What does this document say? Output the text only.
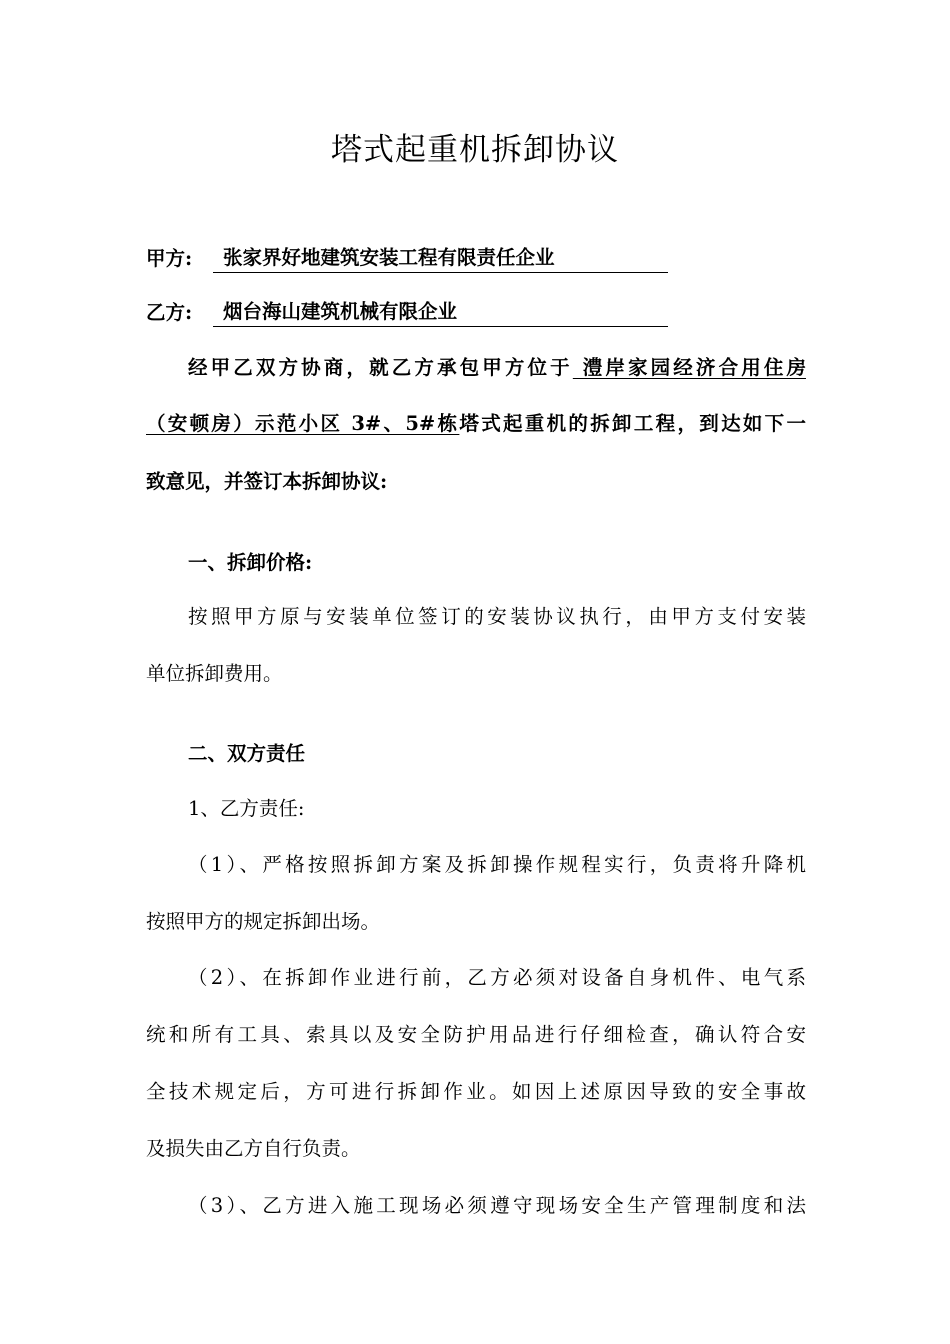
塔式起重机拆卸协议
甲方:	张家界好地建筑安装工程有限责任企业
乙方:	烟台海山建筑机械有限企业
经甲乙双方协商，就乙方承包甲方位于 澧岸家园经济合用住房
（安顿房）示范小区 3#、5#栋塔式起重机的拆卸工程，到达如下一
致意见，并签订本拆卸协议:
一、拆卸价格:
按照甲方原与安装单位签订的安装协议执行，由甲方支付安装
单位拆卸费用。
二、双方责任
1、乙方责任:
（1）、严格按照拆卸方案及拆卸操作规程实行，负责将升降机
按照甲方的规定拆卸出场。
（2）、在拆卸作业进行前，乙方必须对设备自身机件、电气系
统和所有工具、索具以及安全防护用品进行仔细检查，确认符合安
全技术规定后，方可进行拆卸作业。如因上述原因导致的安全事故
及损失由乙方自行负责。
（3）、乙方进入施工现场必须遵守现场安全生产管理制度和法
